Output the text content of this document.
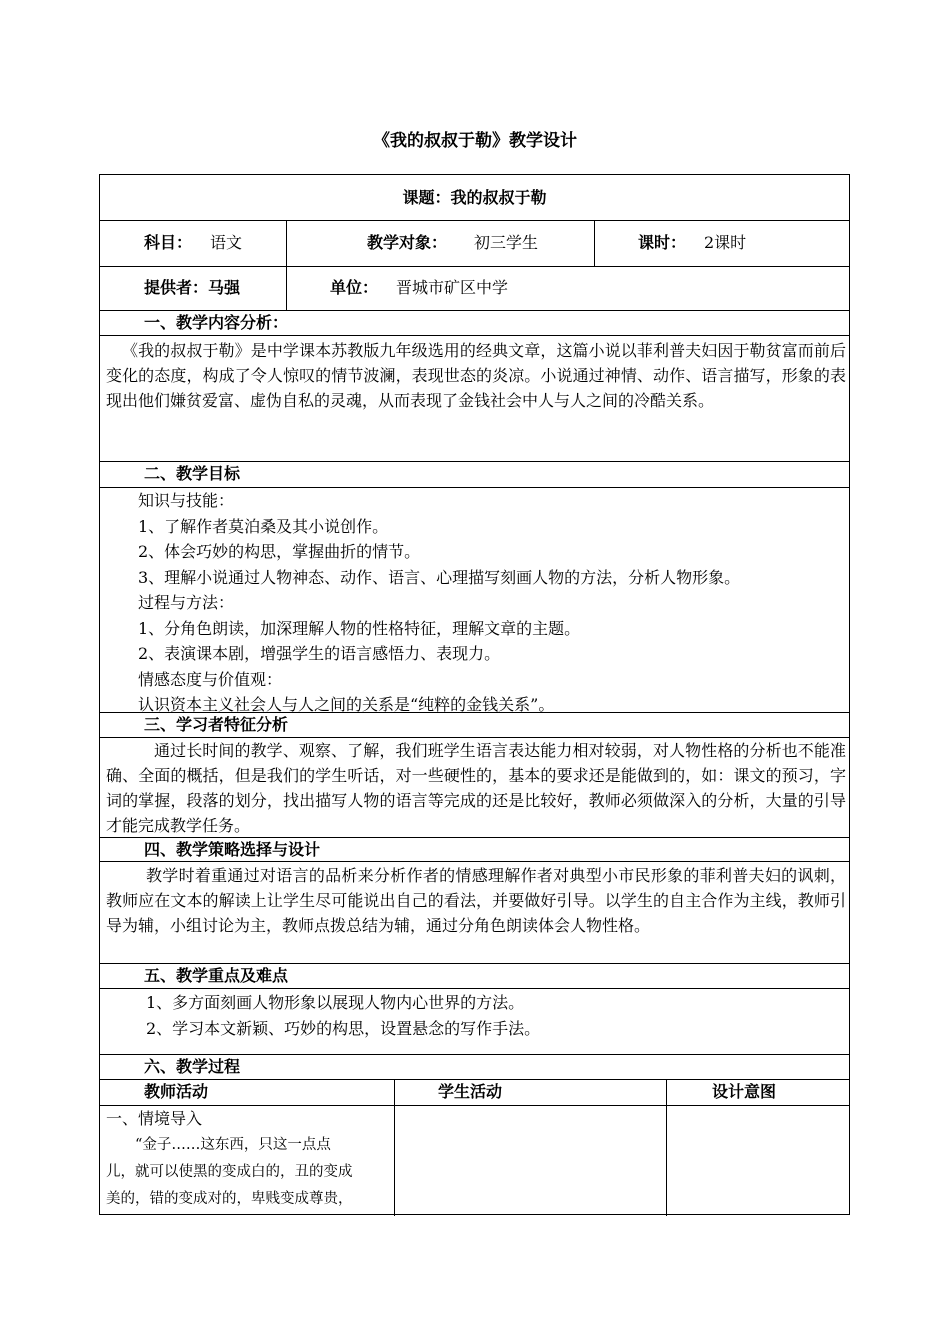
《我的叔叔于勒》教学设计
课题：我的叔叔于勒
科目： 语文	教学对象： 初三学生	课时： 2课时
提供者：马强	单位： 晋城市矿区中学
一、教学内容分析：
《我的叔叔于勒》是中学课本苏教版九年级选用的经典文章，这篇小说以菲利普夫妇因于勒贫富而前后变化的态度，构成了令人惊叹的情节波澜，表现世态的炎凉。小说通过神情、动作、语言描写，形象的表现出他们嫌贫爱富、虚伪自私的灵魂，从而表现了金钱社会中人与人之间的冷酷关系。
二、教学目标
知识与技能：
1、了解作者莫泊桑及其小说创作。
2、体会巧妙的构思，掌握曲折的情节。
3、理解小说通过人物神态、动作、语言、心理描写刻画人物的方法，分析人物形象。
过程与方法：
1、分角色朗读，加深理解人物的性格特征，理解文章的主题。
2、表演课本剧，增强学生的语言感悟力、表现力。
情感态度与价值观：
认识资本主义社会人与人之间的关系是“纯粹的金钱关系”。
三、学习者特征分析
通过长时间的教学、观察、了解，我们班学生语言表达能力相对较弱，对人物性格的分析也不能准确、全面的概括，但是我们的学生听话，对一些硬性的，基本的要求还是能做到的，如：课文的预习，字词的掌握，段落的划分，找出描写人物的语言等完成的还是比较好，教师必须做深入的分析，大量的引导才能完成教学任务。
四、教学策略选择与设计
教学时着重通过对语言的品析来分析作者的情感理解作者对典型小市民形象的菲利普夫妇的讽刺，教师应在文本的解读上让学生尽可能说出自己的看法，并要做好引导。以学生的自主合作为主线，教师引导为辅，小组讨论为主，教师点拨总结为辅，通过分角色朗读体会人物性格。
五、教学重点及难点
1、多方面刻画人物形象以展现人物内心世界的方法。
2、学习本文新颖、巧妙的构思，设置悬念的写作手法。
六、教学过程
教师活动	学生活动	设计意图
一、情境导入
“金子……这东西，只这一点点
儿，就可以使黑的变成白的，丑的变成
美的，错的变成对的，卑贱变成尊贵，
